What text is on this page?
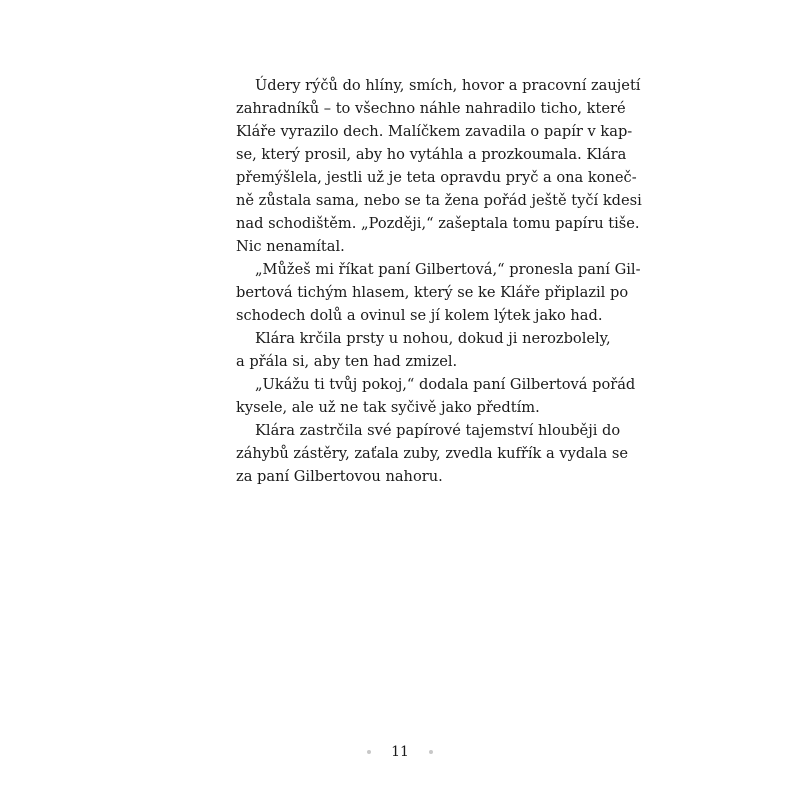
Údery rýčů do hlíny, smích, hovor a pracovní zaujetí
zahradníků – to všechno náhle nahradilo ticho, které
Kláře vyrazilo dech. Malíčkem zavadila o papír v kap-
se, který prosil, aby ho vytáhla a prozkoumala. Klára
přemýšlela, jestli už je teta opravdu pryč a ona koneč-
ně zůstala sama, nebo se ta žena pořád ještě tyčí kdesi
nad schodištěm. „Později,“ zašeptala tomu papíru tiše.
Nic nenamítal.
„Můžeš mi říkat paní Gilbertová,“ pronesla paní Gil-
bertová tichým hlasem, který se ke Kláře připlazil po
schodech dolů a ovinul se jí kolem lýtek jako had.
Klára krčila prsty u nohou, dokud ji nerozbolely,
a přála si, aby ten had zmizel.
„Ukážu ti tvůj pokoj,“ dodala paní Gilbertová pořád
kysele, ale už ne tak syčivě jako předtím.
Klára zastrčila své papírové tajemství hlouběji do
záhybů zástěry, zaťala zuby, zvedla kufřík a vydala se
za paní Gilbertovou nahoru.
11
